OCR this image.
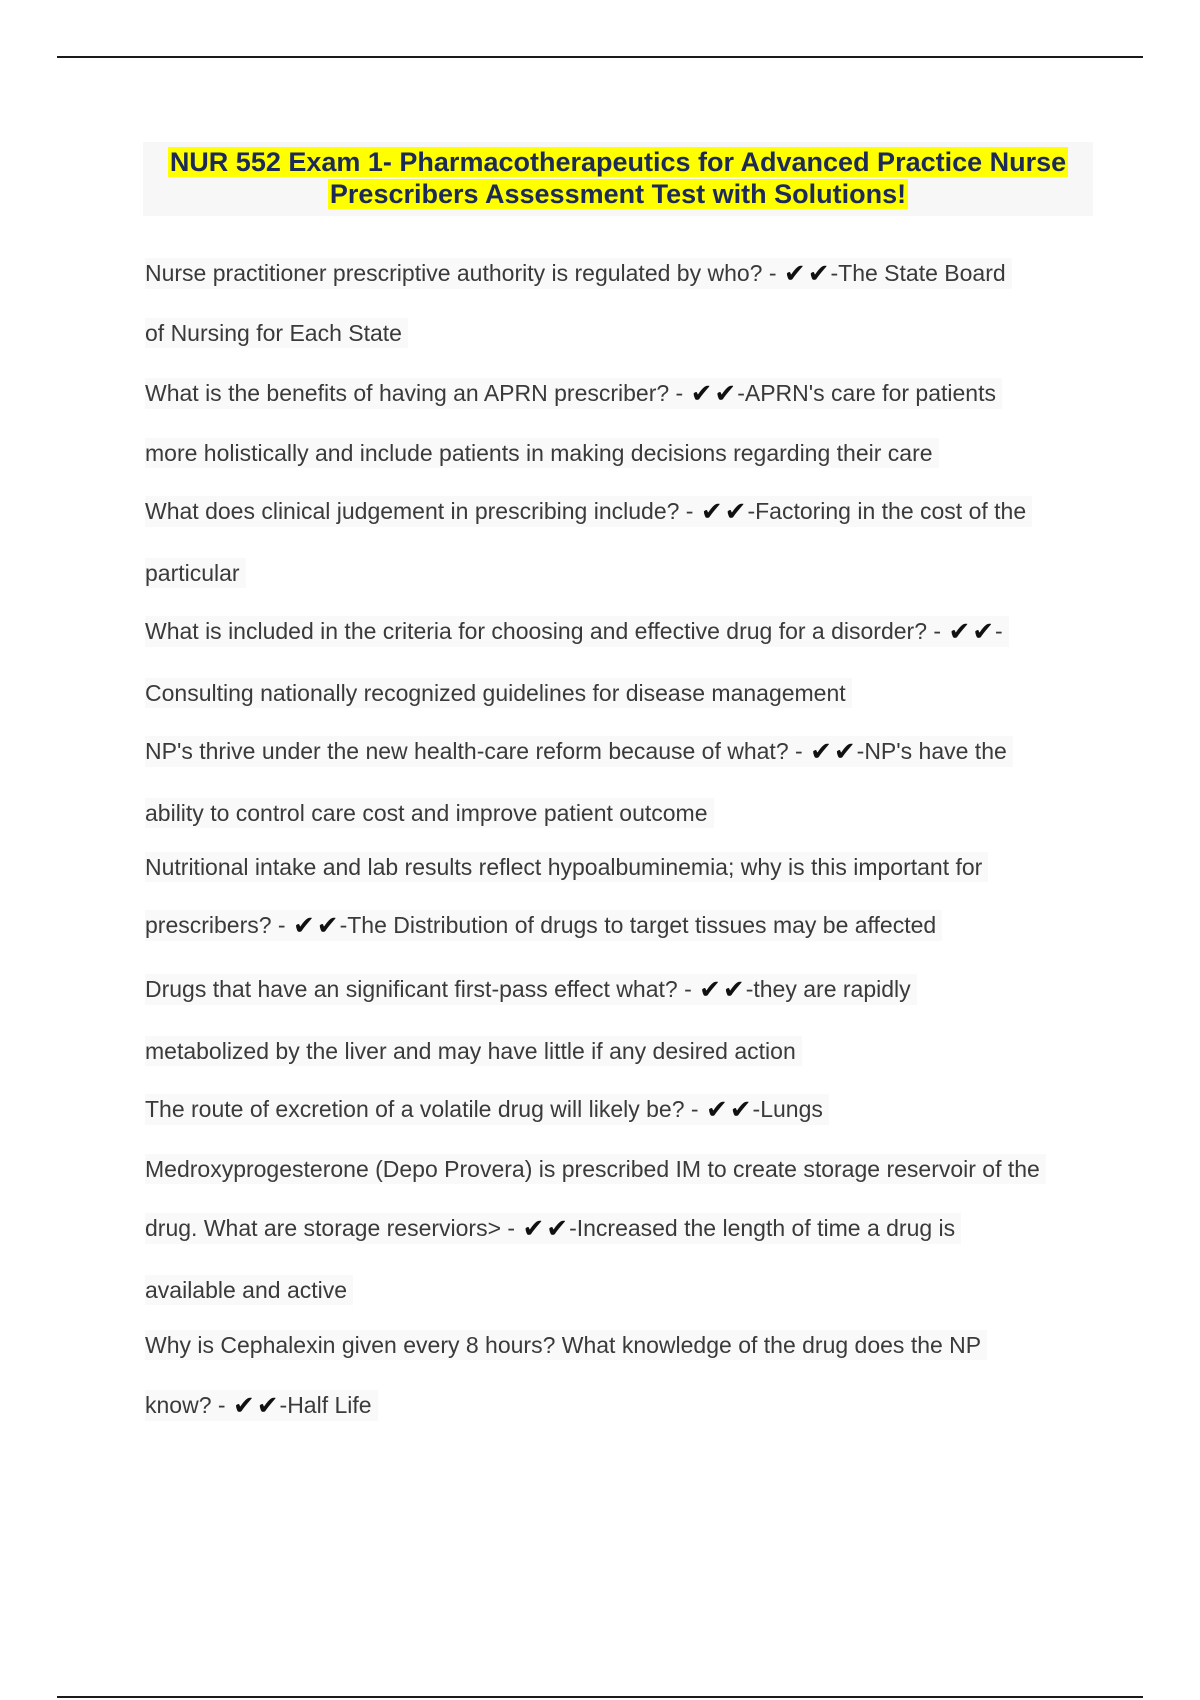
NUR 552 Exam 1- Pharmacotherapeutics for Advanced Practice Nurse
Prescribers Assessment Test with Solutions!
Nurse practitioner prescriptive authority is regulated by who? - ✔✔-The State Board
of Nursing for Each State
What is the benefits of having an APRN prescriber? - ✔✔-APRN's care for patients
more holistically and include patients in making decisions regarding their care
What does clinical judgement in prescribing include? - ✔✔-Factoring in the cost of the
particular
What is included in the criteria for choosing and effective drug for a disorder? - ✔✔-
Consulting nationally recognized guidelines for disease management
NP's thrive under the new health-care reform because of what? - ✔✔-NP's have the
ability to control care cost and improve patient outcome
Nutritional intake and lab results reflect hypoalbuminemia; why is this important for
prescribers? - ✔✔-The Distribution of drugs to target tissues may be affected
Drugs that have an significant first-pass effect what? - ✔✔-they are rapidly
metabolized by the liver and may have little if any desired action
The route of excretion of a volatile drug will likely be? - ✔✔-Lungs
Medroxyprogesterone (Depo Provera) is prescribed IM to create storage reservoir of the
drug. What are storage reserviors> - ✔✔-Increased the length of time a drug is
available and active
Why is Cephalexin given every 8 hours? What knowledge of the drug does the NP
know? - ✔✔-Half Life
